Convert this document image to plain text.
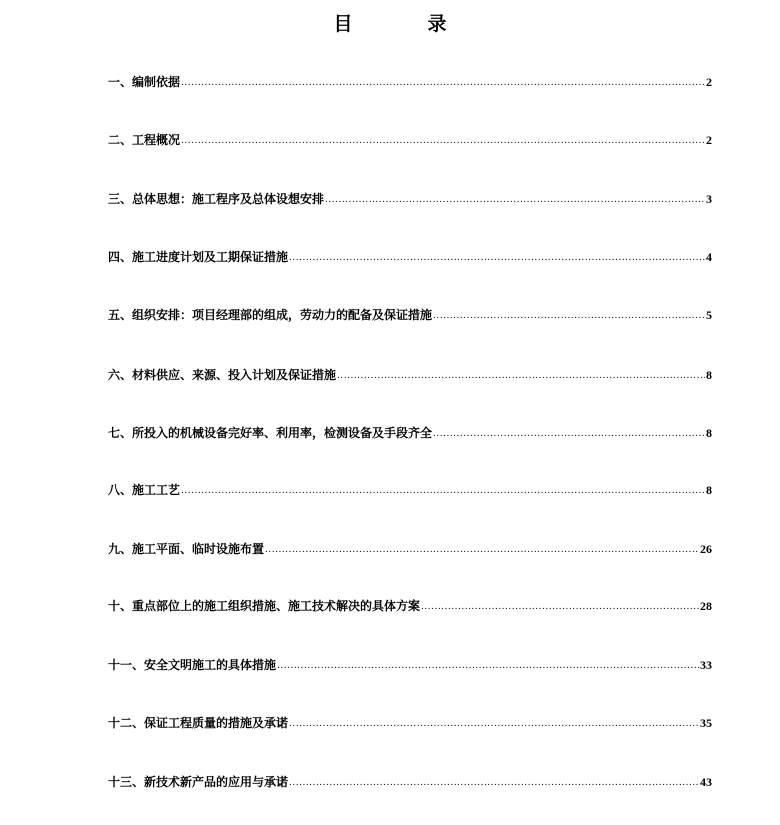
目　录
一、编制依据 .....	2
二、工程概况 .....	2
三、总体思想：施工程序及总体设想安排 .....	3
四、施工进度计划及工期保证措施 .....	4
五、组织安排：项目经理部的组成，劳动力的配备及保证措施 .....	5
六、材料供应、来源、投入计划及保证措施 .....	8
七、所投入的机械设备完好率、利用率，检测设备及手段齐全 .....	8
八、施工工艺 .....	8
九、施工平面、临时设施布置 .....	26
十、重点部位上的施工组织措施、施工技术解决的具体方案 .....	28
十一、安全文明施工的具体措施 .....	33
十二、保证工程质量的措施及承诺 .....	35
十三、新技术新产品的应用与承诺 .....	43
